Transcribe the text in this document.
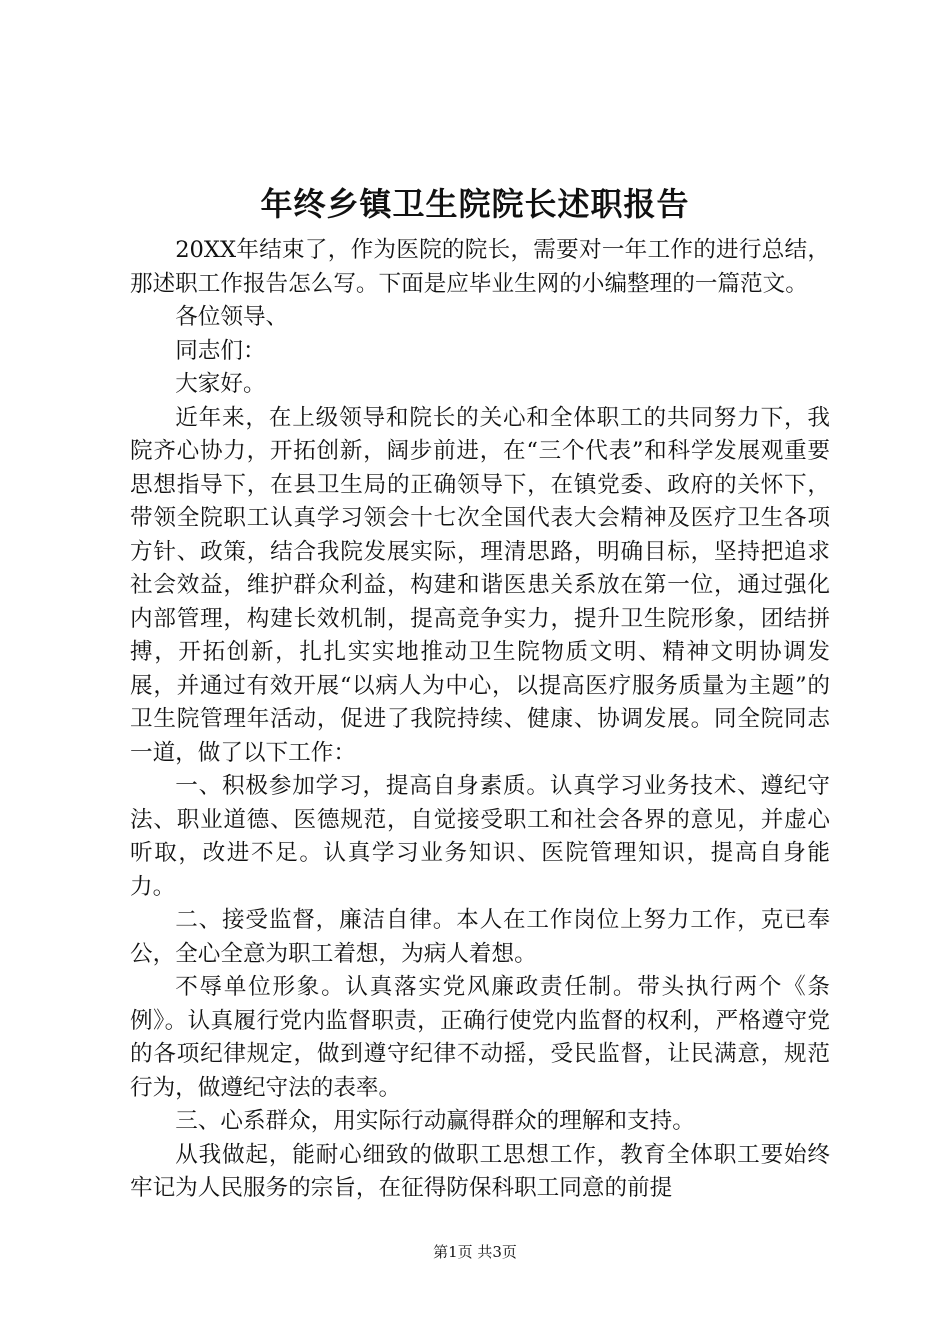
年终乡镇卫生院院长述职报告

20XX年结束了，作为医院的院长，需要对一年工作的进行总结，那述职工作报告怎么写。下面是应毕业生网的小编整理的一篇范文。

各位领导、

同志们：

大家好。

近年来，在上级领导和院长的关心和全体职工的共同努力下，我院齐心协力，开拓创新，阔步前进，在“三个代表”和科学发展观重要思想指导下，在县卫生局的正确领导下，在镇党委、政府的关怀下，带领全院职工认真学习领会十七次全国代表大会精神及医疗卫生各项方针、政策，结合我院发展实际，理清思路，明确目标，坚持把追求社会效益，维护群众利益，构建和谐医患关系放在第一位，通过强化内部管理，构建长效机制，提高竞争实力，提升卫生院形象，团结拼搏，开拓创新，扎扎实实地推动卫生院物质文明、精神文明协调发展，并通过有效开展“以病人为中心，以提高医疗服务质量为主题”的卫生院管理年活动，促进了我院持续、健康、协调发展。同全院同志一道，做了以下工作：

一、积极参加学习，提高自身素质。认真学习业务技术、遵纪守法、职业道德、医德规范，自觉接受职工和社会各界的意见，并虚心听取，改进不足。认真学习业务知识、医院管理知识，提高自身能力。

二、接受监督，廉洁自律。本人在工作岗位上努力工作，克已奉公，全心全意为职工着想，为病人着想。

不辱单位形象。认真落实党风廉政责任制。带头执行两个《条例》。认真履行党内监督职责，正确行使党内监督的权利，严格遵守党的各项纪律规定，做到遵守纪律不动摇，受民监督，让民满意，规范行为，做遵纪守法的表率。

三、心系群众，用实际行动赢得群众的理解和支持。

从我做起，能耐心细致的做职工思想工作，教育全体职工要始终牢记为人民服务的宗旨，在征得防保科职工同意的前提

第1页 共3页
